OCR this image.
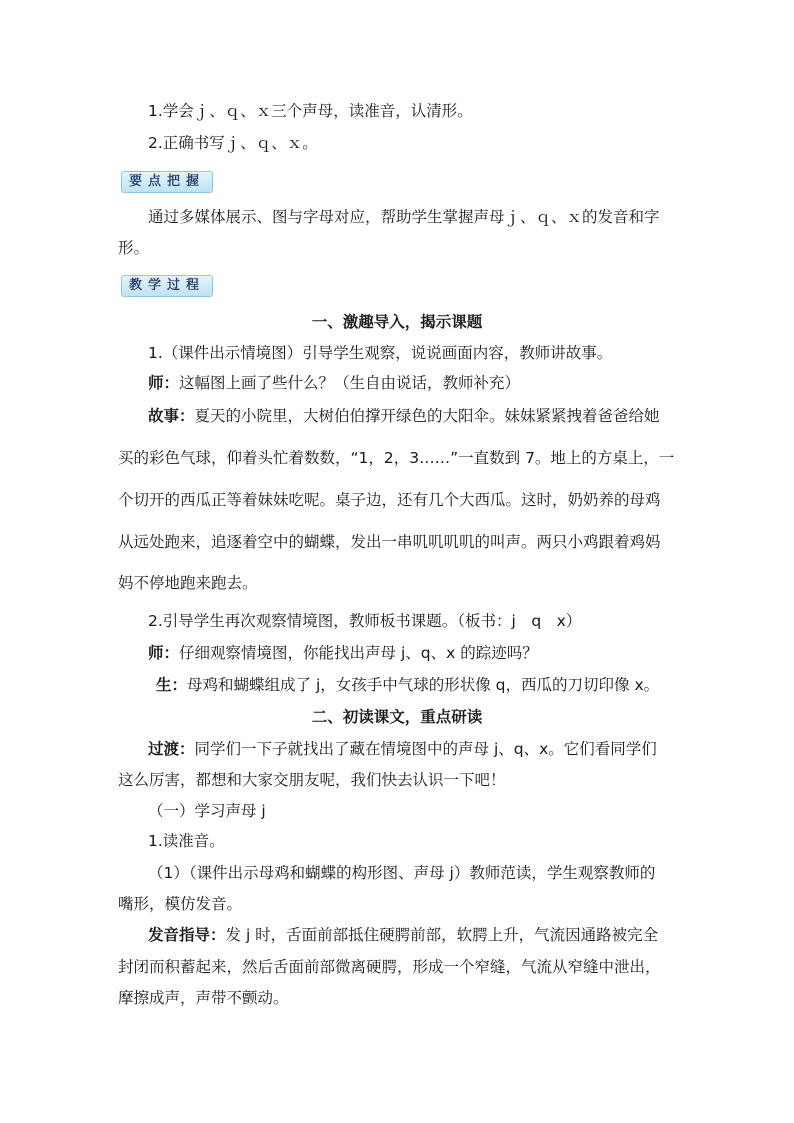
1.学会ｊ、ｑ、ｘ三个声母，读准音，认清形。
2.正确书写ｊ、ｑ、ｘ。
要点把握
通过多媒体展示、图与字母对应，帮助学生掌握声母ｊ、ｑ、ｘ的发音和字
形。
教学过程
一、激趣导入，揭示课题
1.（课件出示情境图）引导学生观察，说说画面内容，教师讲故事。
师：这幅图上画了些什么？（生自由说话，教师补充）
故事：夏天的小院里，大树伯伯撑开绿色的大阳伞。妹妹紧紧拽着爸爸给她
买的彩色气球，仰着头忙着数数，“1，2，3……”一直数到 7。地上的方桌上，一
个切开的西瓜正等着妹妹吃呢。桌子边，还有几个大西瓜。这时，奶奶养的母鸡
从远处跑来，追逐着空中的蝴蝶，发出一串叽叽叽叽的叫声。两只小鸡跟着鸡妈
妈不停地跑来跑去。
2.引导学生再次观察情境图，教师板书课题。（板书：j　q　x）
师：仔细观察情境图，你能找出声母 j、q、x 的踪迹吗？
生：母鸡和蝴蝶组成了 j，女孩手中气球的形状像 q，西瓜的刀切印像 x。
二、初读课文，重点研读
过渡：同学们一下子就找出了藏在情境图中的声母 j、q、x。它们看同学们
这么厉害，都想和大家交朋友呢，我们快去认识一下吧！
（一）学习声母 j
1.读准音。
（1）（课件出示母鸡和蝴蝶的构形图、声母 j）教师范读，学生观察教师的
嘴形，模仿发音。
发音指导：发 j 时，舌面前部抵住硬腭前部，软腭上升，气流因通路被完全
封闭而积蓄起来，然后舌面前部微离硬腭，形成一个窄缝，气流从窄缝中泄出，
摩擦成声，声带不颤动。
